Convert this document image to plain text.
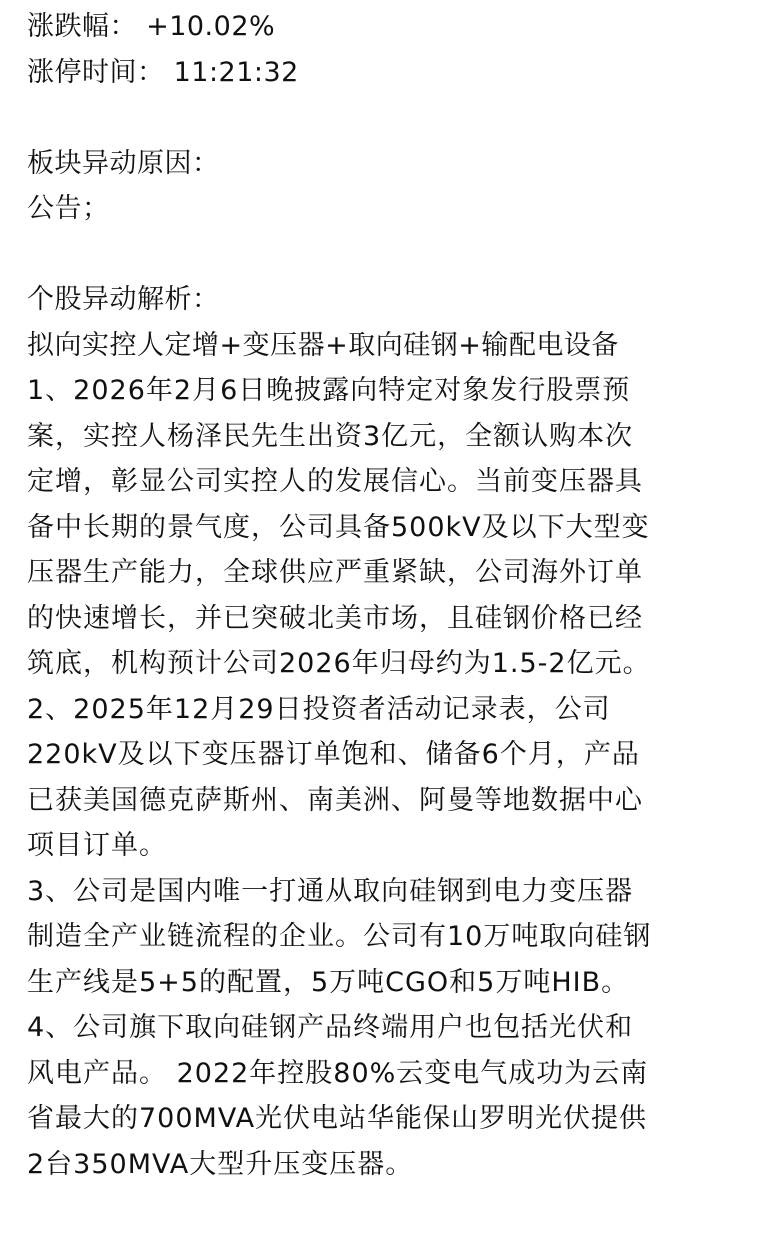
涨跌幅： +10.02%
涨停时间： 11:21:32
板块异动原因：
公告；
个股异动解析：
拟向实控人定增+变压器+取向硅钢+输配电设备
1、2026年2月6日晚披露向特定对象发行股票预
案，实控人杨泽民先生出资3亿元，全额认购本次
定增，彰显公司实控人的发展信心。当前变压器具
备中长期的景气度，公司具备500kV及以下大型变
压器生产能力，全球供应严重紧缺，公司海外订单
的快速增长，并已突破北美市场，且硅钢价格已经
筑底，机构预计公司2026年归母约为1.5-2亿元。
2、2025年12月29日投资者活动记录表，公司
220kV及以下变压器订单饱和、储备6个月，产品
已获美国德克萨斯州、南美洲、阿曼等地数据中心
项目订单。
3、公司是国内唯一打通从取向硅钢到电力变压器
制造全产业链流程的企业。公司有10万吨取向硅钢
生产线是5+5的配置，5万吨CGO和5万吨HIB。
4、公司旗下取向硅钢产品终端用户也包括光伏和
风电产品。 2022年控股80%云变电气成功为云南
省最大的700MVA光伏电站华能保山罗明光伏提供
2台350MVA大型升压变压器。
